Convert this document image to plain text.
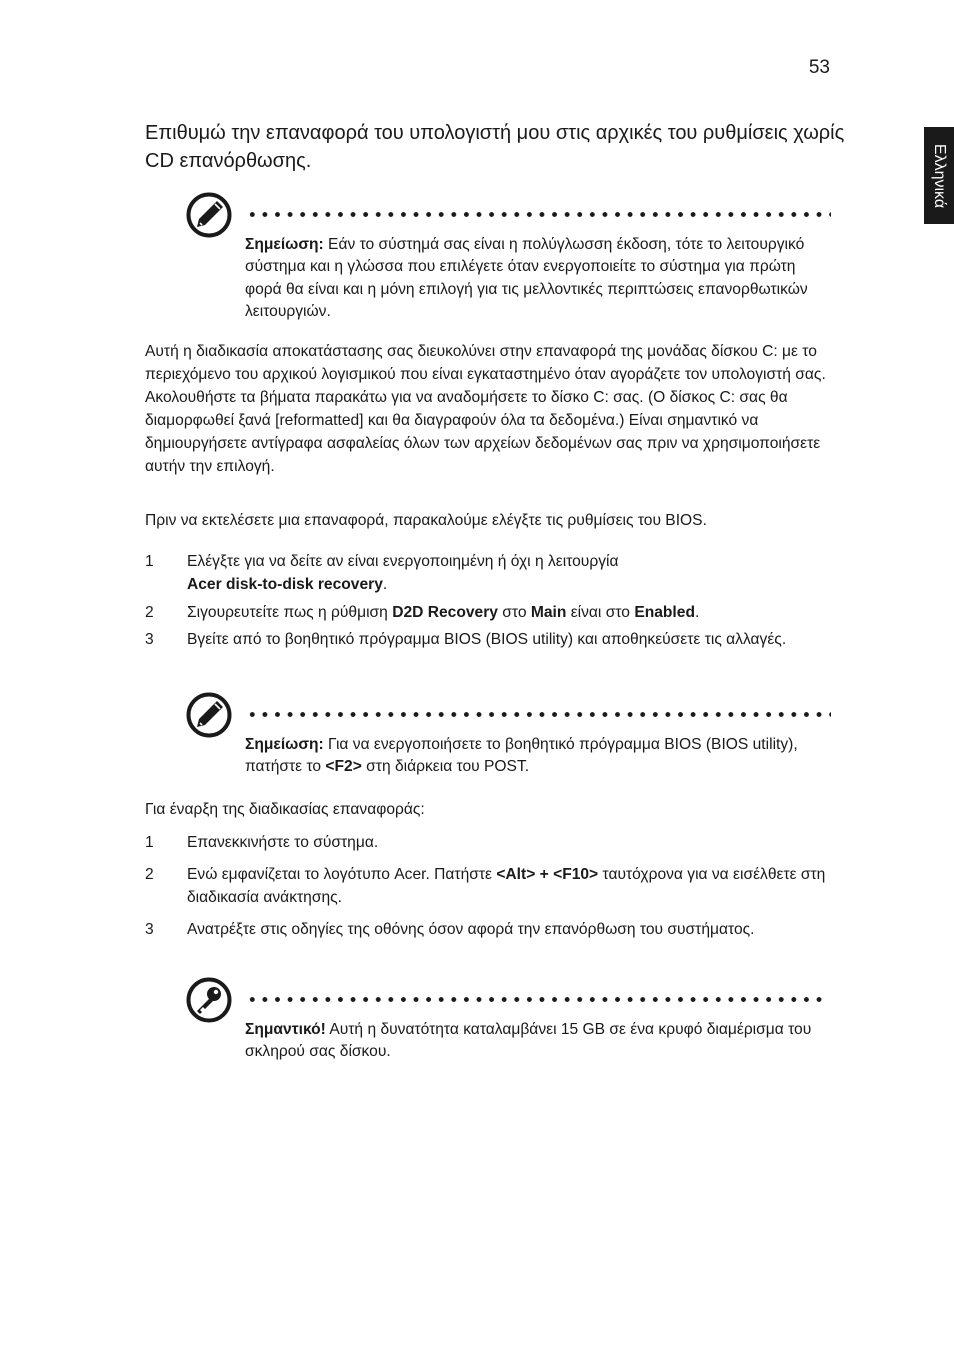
53
Ελληνικά
Επιθυμώ την επαναφορά του υπολογιστή μου στις αρχικές του ρυθμίσεις χωρίς CD επανόρθωσης.
Σημείωση: Εάν το σύστημά σας είναι η πολύγλωσση έκδοση, τότε το λειτουργικό σύστημα και η γλώσσα που επιλέγετε όταν ενεργοποιείτε το σύστημα για πρώτη φορά θα είναι και η μόνη επιλογή για τις μελλοντικές περιπτώσεις επανορθωτικών λειτουργιών.
Αυτή η διαδικασία αποκατάστασης σας διευκολύνει στην επαναφορά της μονάδας δίσκου C: με το περιεχόμενο του αρχικού λογισμικού που είναι εγκαταστημένο όταν αγοράζετε τον υπολογιστή σας. Ακολουθήστε τα βήματα παρακάτω για να αναδομήσετε το δίσκο C: σας. (Ο δίσκος C: σας θα διαμορφωθεί ξανά [reformatted] και θα διαγραφούν όλα τα δεδομένα.) Είναι σημαντικό να δημιουργήσετε αντίγραφα ασφαλείας όλων των αρχείων δεδομένων σας πριν να χρησιμοποιήσετε αυτήν την επιλογή.
Πριν να εκτελέσετε μια επαναφορά, παρακαλούμε ελέγξτε τις ρυθμίσεις του BIOS.
1 Ελέγξτε για να δείτε αν είναι ενεργοποιημένη ή όχι η λειτουργία
Acer disk-to-disk recovery.
2 Σιγουρευτείτε πως η ρύθμιση D2D Recovery στο Main είναι στο Enabled.
3 Βγείτε από το βοηθητικό πρόγραμμα BIOS (BIOS utility) και αποθηκεύσετε τις αλλαγές.
Σημείωση: Για να ενεργοποιήσετε το βοηθητικό πρόγραμμα BIOS (BIOS utility), πατήστε το <F2> στη διάρκεια του POST.
Για έναρξη της διαδικασίας επαναφοράς:
1 Επανεκκινήστε το σύστημα.
2 Ενώ εμφανίζεται το λογότυπο Acer. Πατήστε <Alt> + <F10> ταυτόχρονα για να εισέλθετε στη διαδικασία ανάκτησης.
3 Ανατρέξτε στις οδηγίες της οθόνης όσον αφορά την επανόρθωση του συστήματος.
Σημαντικό! Αυτή η δυνατότητα καταλαμβάνει 15 GB σε ένα κρυφό διαμέρισμα του σκληρού σας δίσκου.
